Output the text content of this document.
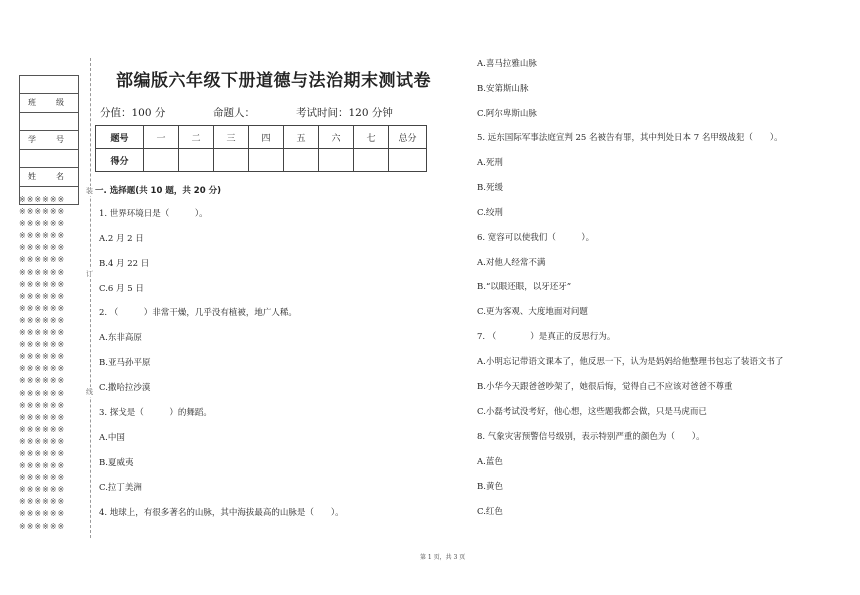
班　级
学　号
姓　名
※※※※※※
※※※※※※
※※※※※※
※※※※※※
※※※※※※
※※※※※※
※※※※※※
※※※※※※
※※※※※※
※※※※※※
※※※※※※
※※※※※※
※※※※※※
※※※※※※
※※※※※※
※※※※※※
※※※※※※
※※※※※※
※※※※※※
※※※※※※
※※※※※※
※※※※※※
※※※※※※
※※※※※※
※※※※※※
※※※※※※
※※※※※※
※※※※※※
装
订
线
部编版六年级下册道德与法治期末测试卷
分值：100 分	命题人：	考试时间：120 分钟
题号	一	二	三	四	五	六	七	总分
得分								
一. 选择题(共 10 题，共 20 分)
1. 世界环境日是（　　　）。
A.2 月 2 日
B.4 月 22 日
C.6 月 5 日
2. （　　　）非常干燥，几乎没有植被，地广人稀。
A.东非高原
B.亚马孙平原
C.撒哈拉沙漠
3. 探戈是（　　　）的舞蹈。
A.中国
B.夏威夷
C.拉丁美洲
4. 地球上，有很多著名的山脉，其中海拔最高的山脉是（　　）。
A.喜马拉雅山脉
B.安第斯山脉
C.阿尔卑斯山脉
5. 远东国际军事法庭宣判 25 名被告有罪，其中判处日本 7 名甲级战犯（　　）。
A.死刑
B.死缓
C.绞刑
6. 宽容可以使我们（　　　）。
A.对他人经常不满
B.“以眼还眼，以牙还牙”
C.更为客观、大度地面对问题
7. （　　　　）是真正的反思行为。
A.小明忘记带语文课本了，他反思一下，认为是妈妈给他整理书包忘了装语文书了
B.小华今天跟爸爸吵架了，她很后悔，觉得自己不应该对爸爸不尊重
C.小磊考试没考好，他心想，这些题我都会做，只是马虎而已
8. 气象灾害预警信号级别，表示特别严重的颜色为（　　）。
A.蓝色
B.黄色
C.红色
第 1 页，共 3 页
